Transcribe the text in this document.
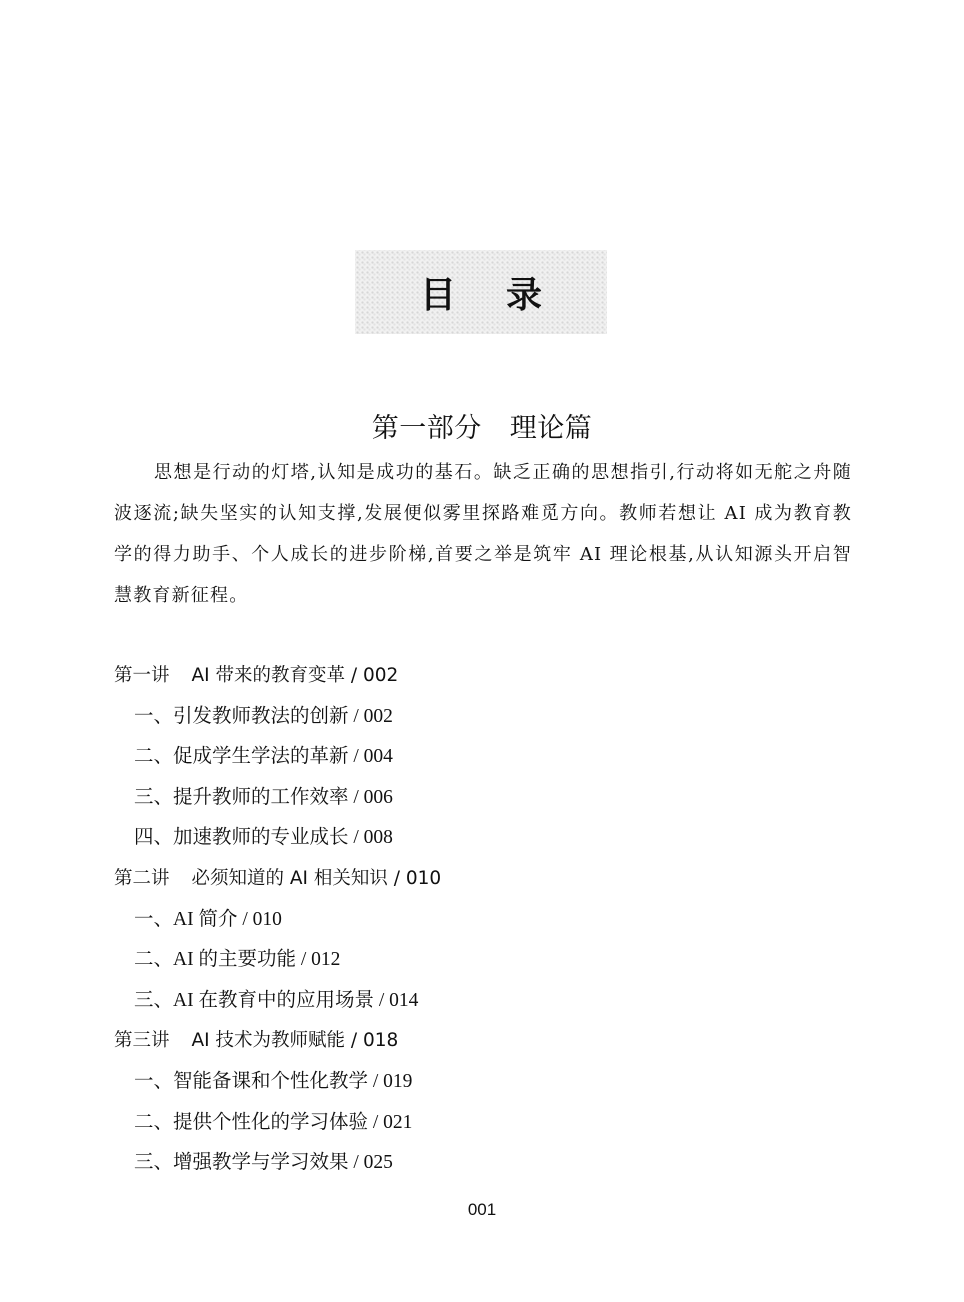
目 录
第一部分 理论篇

思想是行动的灯塔,认知是成功的基石。缺乏正确的思想指引,行动将如无舵之舟随波逐流;缺失坚实的认知支撑,发展便似雾里探路难觅方向。教师若想让 AI 成为教育教学的得力助手、个人成长的进步阶梯,首要之举是筑牢 AI 理论根基,从认知源头开启智慧教育新征程。

第一讲 AI 带来的教育变革 / 002
一、引发教师教法的创新 / 002
二、促成学生学法的革新 / 004
三、提升教师的工作效率 / 006
四、加速教师的专业成长 / 008
第二讲 必须知道的 AI 相关知识 / 010
一、AI 简介 / 010
二、AI 的主要功能 / 012
三、AI 在教育中的应用场景 / 014
第三讲 AI 技术为教师赋能 / 018
一、智能备课和个性化教学 / 019
二、提供个性化的学习体验 / 021
三、增强教学与学习效果 / 025
001
